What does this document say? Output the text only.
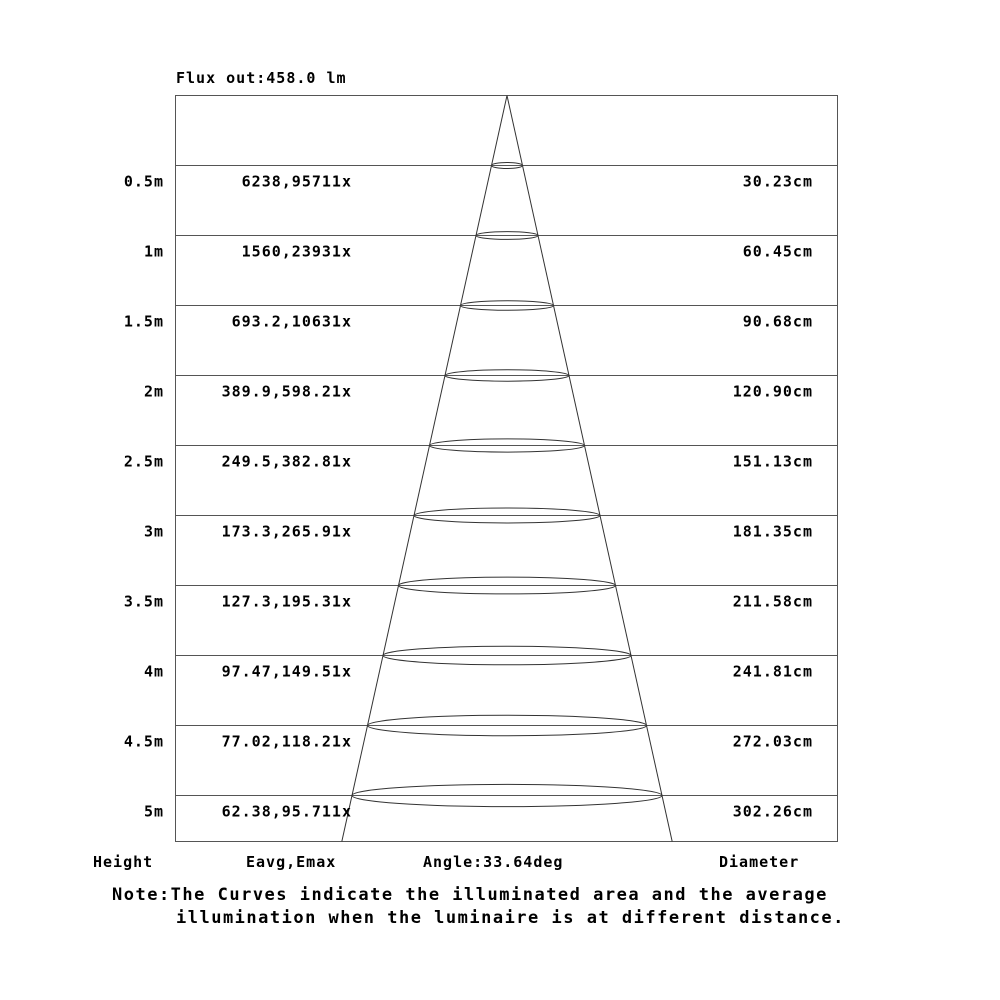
Flux out:458.0 lm
0.5m	6238,95711x	30.23cm
1m	1560,23931x	60.45cm
1.5m	693.2,10631x	90.68cm
2m	389.9,598.21x	120.90cm
2.5m	249.5,382.81x	151.13cm
3m	173.3,265.91x	181.35cm
3.5m	127.3,195.31x	211.58cm
4m	97.47,149.51x	241.81cm
4.5m	77.02,118.21x	272.03cm
5m	62.38,95.711x	302.26cm
Height	Eavg,Emax	Angle:33.64deg	Diameter
Note:The Curves indicate the illuminated area and the average
illumination when the luminaire is at different distance.
